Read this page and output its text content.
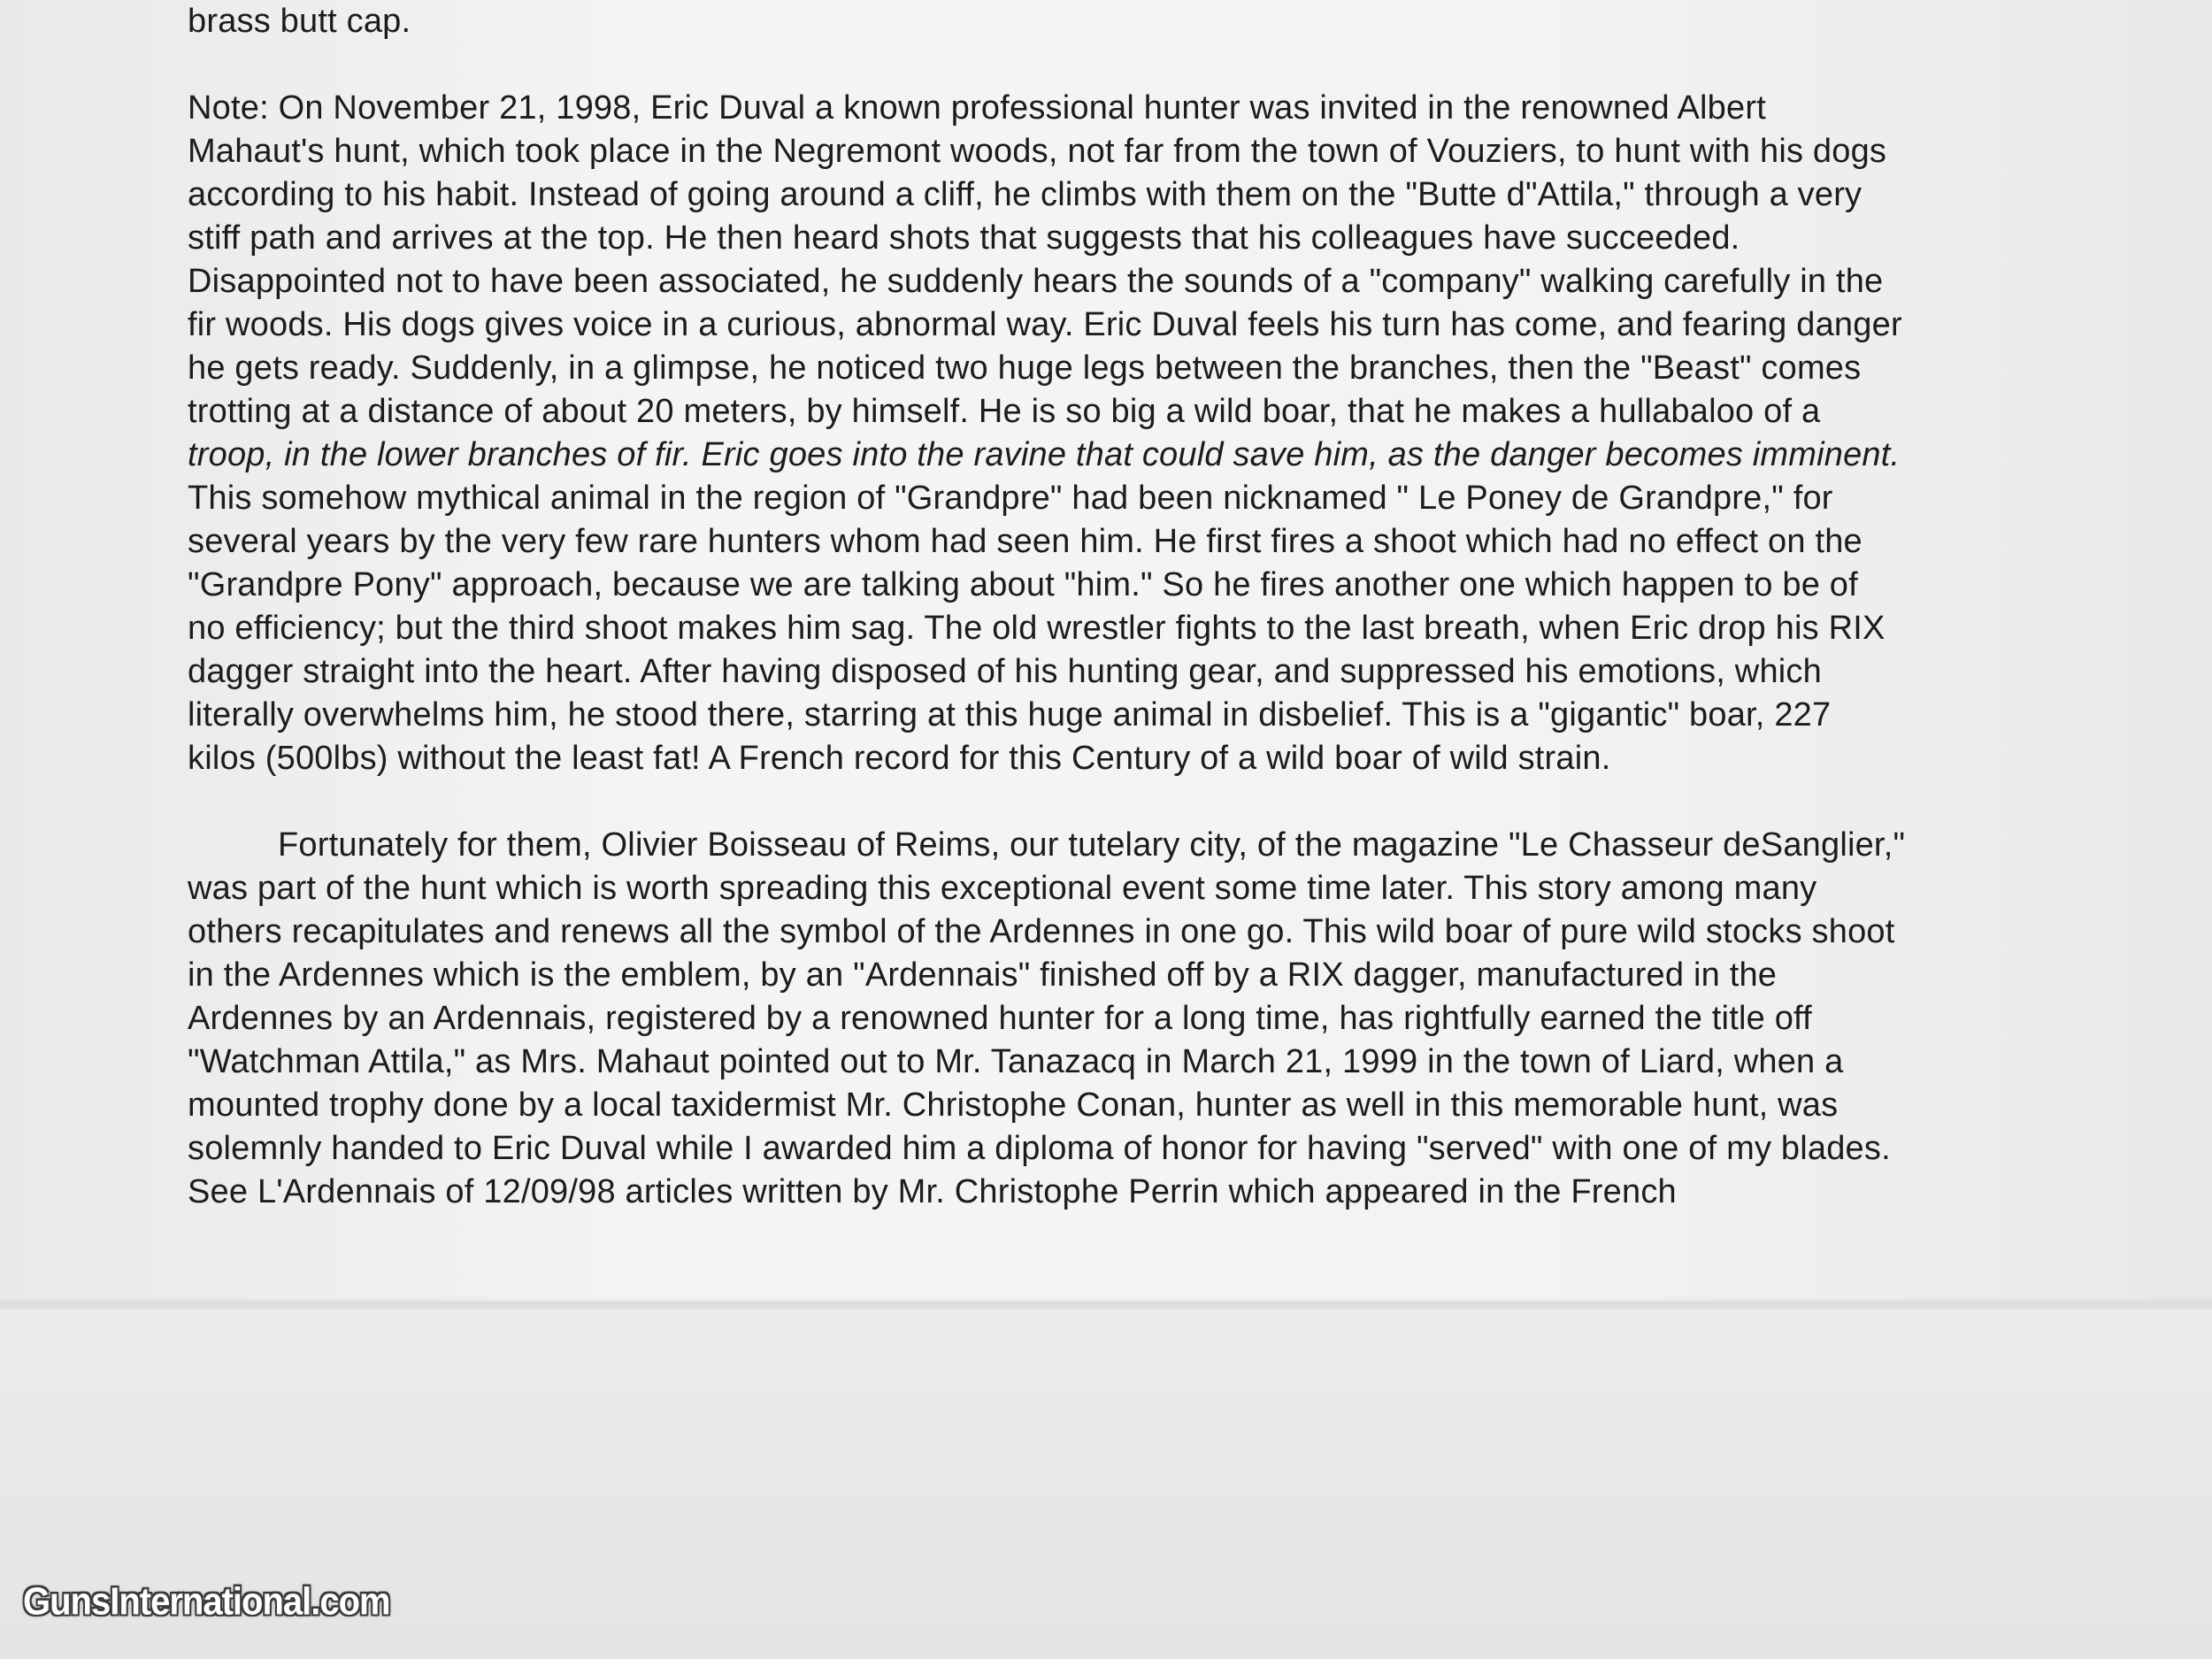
brass butt cap.
Note: On November 21, 1998, Eric Duval a known professional hunter was invited in the renowned Albert
Mahaut's hunt, which took place in the Negremont woods, not far from the town of Vouziers, to hunt with his dogs
according to his habit. Instead of going around a cliff, he climbs with them on the "Butte d"Attila," through a very
stiff path and arrives at the top. He then heard shots that suggests that his colleagues have succeeded.
Disappointed not to have been associated, he suddenly hears the sounds of a "company" walking carefully in the
fir woods. His dogs gives voice in a curious, abnormal way. Eric Duval feels his turn has come, and fearing danger
he gets ready. Suddenly, in a glimpse, he noticed two huge legs between the branches, then the "Beast" comes
trotting at a distance of about 20 meters, by himself. He is so big a wild boar, that he makes a hullabaloo of a
troop, in the lower branches of fir. Eric goes into the ravine that could save him, as the danger becomes imminent.
This somehow mythical animal in the region of "Grandpre" had been nicknamed " Le Poney de Grandpre," for
several years by the very few rare hunters whom had seen him. He first fires a shoot which had no effect on the
"Grandpre Pony" approach, because we are talking about "him." So he fires another one which happen to be of
no efficiency; but the third shoot makes him sag. The old wrestler fights to the last breath, when Eric drop his RIX
dagger straight into the heart. After having disposed of his hunting gear, and suppressed his emotions, which
literally overwhelms him, he stood there, starring at this huge animal in disbelief. This is a "gigantic" boar, 227
kilos (500lbs) without the least fat! A French record for this Century of a wild boar of wild strain.
Fortunately for them, Olivier Boisseau of Reims, our tutelary city, of the magazine "Le Chasseur deSanglier,"
was part of the hunt which is worth spreading this exceptional event some time later. This story among many
others recapitulates and renews all the symbol of the Ardennes in one go. This wild boar of pure wild stocks shoot
in the Ardennes which is the emblem, by an "Ardennais" finished off by a RIX dagger, manufactured in the
Ardennes by an Ardennais, registered by a renowned hunter for a long time, has rightfully earned the title off
"Watchman Attila," as Mrs. Mahaut pointed out to Mr. Tanazacq in March 21, 1999 in the town of Liard, when a
mounted trophy done by a local taxidermist Mr. Christophe Conan, hunter as well in this memorable hunt, was
solemnly handed to Eric Duval while I awarded him a diploma of honor for having "served" with one of my blades.
See L'Ardennais of 12/09/98 articles written by Mr. Christophe Perrin which appeared in the French
GunsInternational.com
